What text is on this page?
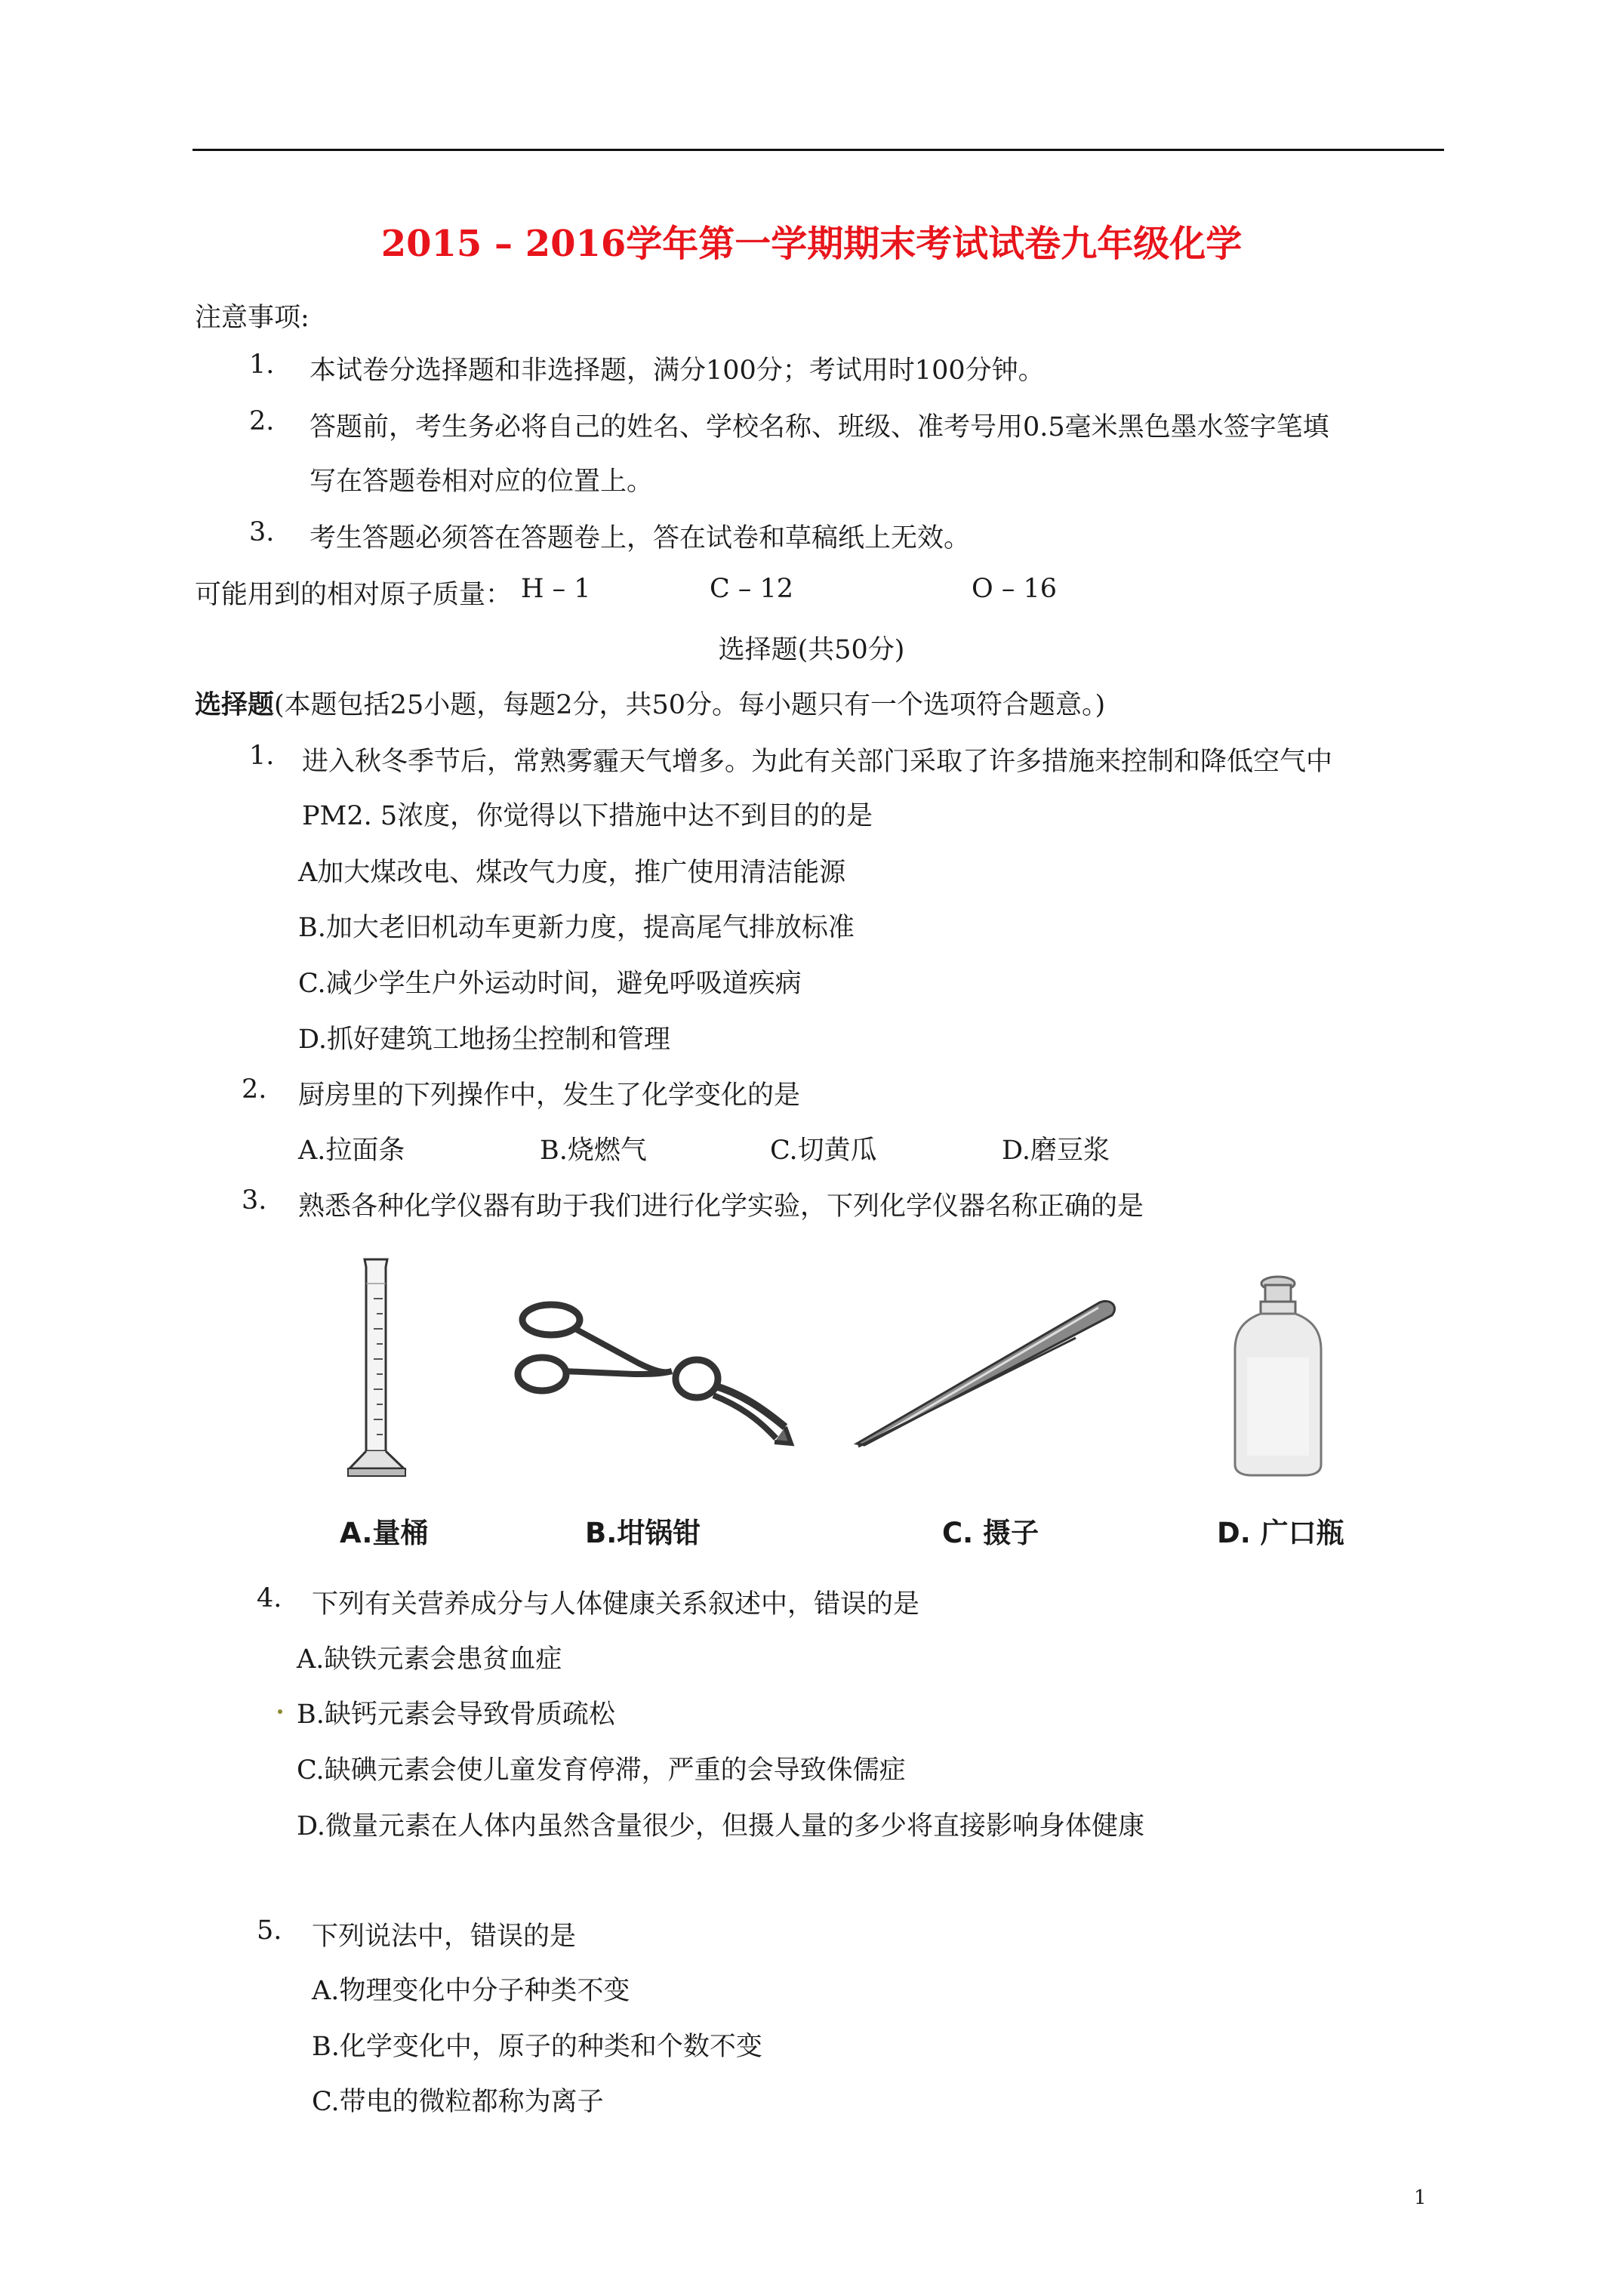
2015 – 2016学年第一学期期末考试试卷九年级化学
注意事项:
1. 本试卷分选择题和非选择题，满分100分；考试用时100分钟。
2. 答题前，考生务必将自己的姓名、学校名称、班级、准考号用0.5毫米黑色墨水签字笔填
写在答题卷相对应的位置上。
3. 考生答题必须答在答题卷上，答在试卷和草稿纸上无效。
可能用到的相对原子质量： H – 1	C – 12	O – 16
选择题(共50分)
选择题(本题包括25小题，每题2分，共50分。每小题只有一个选项符合题意。)
1. 进入秋冬季节后，常熟雾霾天气增多。为此有关部门采取了许多措施来控制和降低空气中
PM2. 5浓度，你觉得以下措施中达不到目的的是
A加大煤改电、煤改气力度，推广使用清洁能源
B.加大老旧机动车更新力度，提高尾气排放标准
C.减少学生户外运动时间，避免呼吸道疾病
D.抓好建筑工地扬尘控制和管理
2. 厨房里的下列操作中，发生了化学变化的是
A.拉面条	B.烧燃气	C.切黄瓜	D.磨豆浆
3. 熟悉各种化学仪器有助于我们进行化学实验，下列化学仪器名称正确的是
A.量桶	B.坩锅钳	C. 摄子	D. 广口瓶
4. 下列有关营养成分与人体健康关系叙述中，错误的是
A.缺铁元素会患贫血症
B.缺钙元素会导致骨质疏松
C.缺碘元素会使儿童发育停滞，严重的会导致侏儒症
D.微量元素在人体内虽然含量很少，但摄人量的多少将直接影响身体健康
5. 下列说法中，错误的是
A.物理变化中分子种类不变
B.化学变化中，原子的种类和个数不变
C.带电的微粒都称为离子
1
